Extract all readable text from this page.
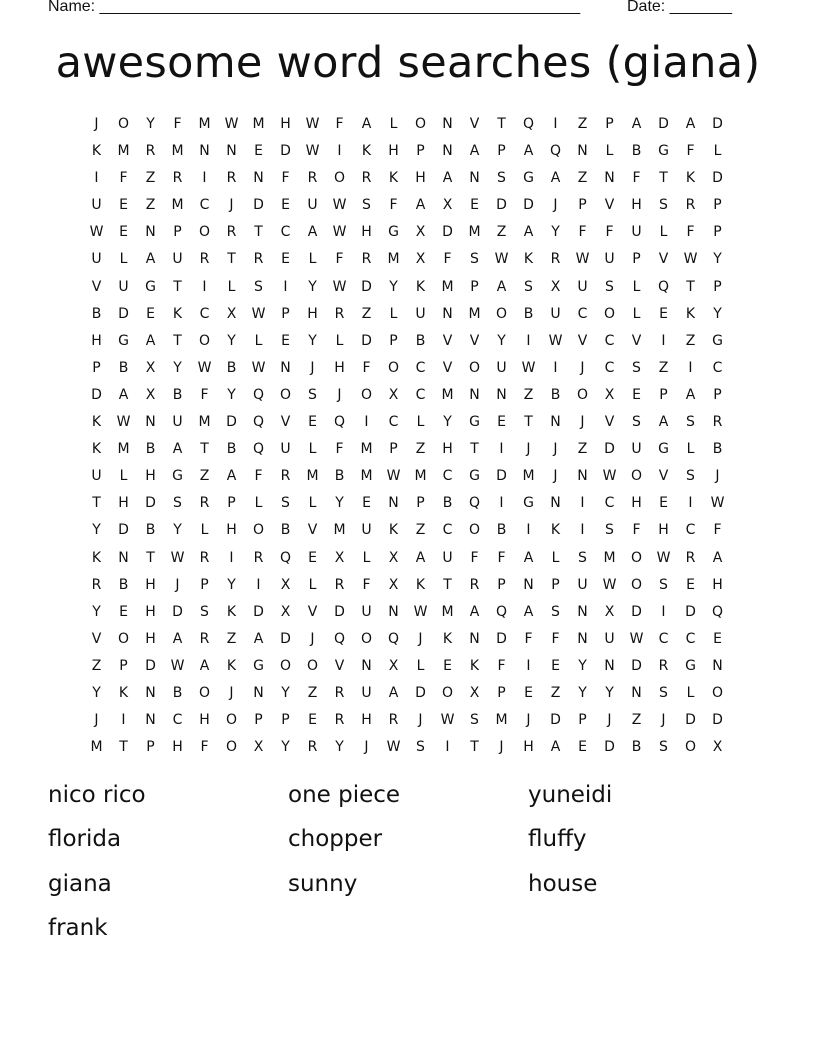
Name: ______________________________________________________	Date: _______
awesome word searches (giana)
J	O	Y	F	M	W	M	H	W	F	A	L	O	N	V	T	Q	I	Z	P	A	D	A	D
K	M	R	M	N	N	E	D	W	I	K	H	P	N	A	P	A	Q	N	L	B	G	F	L
I	F	Z	R	I	R	N	F	R	O	R	K	H	A	N	S	G	A	Z	N	F	T	K	D
U	E	Z	M	C	J	D	E	U	W	S	F	A	X	E	D	D	J	P	V	H	S	R	P
W	E	N	P	O	R	T	C	A	W	H	G	X	D	M	Z	A	Y	F	F	U	L	F	P
U	L	A	U	R	T	R	E	L	F	R	M	X	F	S	W	K	R	W	U	P	V	W	Y
V	U	G	T	I	L	S	I	Y	W	D	Y	K	M	P	A	S	X	U	S	L	Q	T	P
B	D	E	K	C	X	W	P	H	R	Z	L	U	N	M	O	B	U	C	O	L	E	K	Y
H	G	A	T	O	Y	L	E	Y	L	D	P	B	V	V	Y	I	W	V	C	V	I	Z	G
P	B	X	Y	W	B	W	N	J	H	F	O	C	V	O	U	W	I	J	C	S	Z	I	C
D	A	X	B	F	Y	Q	O	S	J	O	X	C	M	N	N	Z	B	O	X	E	P	A	P
K	W	N	U	M	D	Q	V	E	Q	I	C	L	Y	G	E	T	N	J	V	S	A	S	R
K	M	B	A	T	B	Q	U	L	F	M	P	Z	H	T	I	J	J	Z	D	U	G	L	B
U	L	H	G	Z	A	F	R	M	B	M	W	M	C	G	D	M	J	N	W	O	V	S	J
T	H	D	S	R	P	L	S	L	Y	E	N	P	B	Q	I	G	N	I	C	H	E	I	W
Y	D	B	Y	L	H	O	B	V	M	U	K	Z	C	O	B	I	K	I	S	F	H	C	F
K	N	T	W	R	I	R	Q	E	X	L	X	A	U	F	F	A	L	S	M	O	W	R	A
R	B	H	J	P	Y	I	X	L	R	F	X	K	T	R	P	N	P	U	W	O	S	E	H
Y	E	H	D	S	K	D	X	V	D	U	N	W	M	A	Q	A	S	N	X	D	I	D	Q
V	O	H	A	R	Z	A	D	J	Q	O	Q	J	K	N	D	F	F	N	U	W	C	C	E
Z	P	D	W	A	K	G	O	O	V	N	X	L	E	K	F	I	E	Y	N	D	R	G	N
Y	K	N	B	O	J	N	Y	Z	R	U	A	D	O	X	P	E	Z	Y	Y	N	S	L	O
J	I	N	C	H	O	P	P	E	R	H	R	J	W	S	M	J	D	P	J	Z	J	D	D
M	T	P	H	F	O	X	Y	R	Y	J	W	S	I	T	J	H	A	E	D	B	S	O	X
nico rico	one piece	yuneidi
florida	chopper	fluffy
giana	sunny	house
frank
